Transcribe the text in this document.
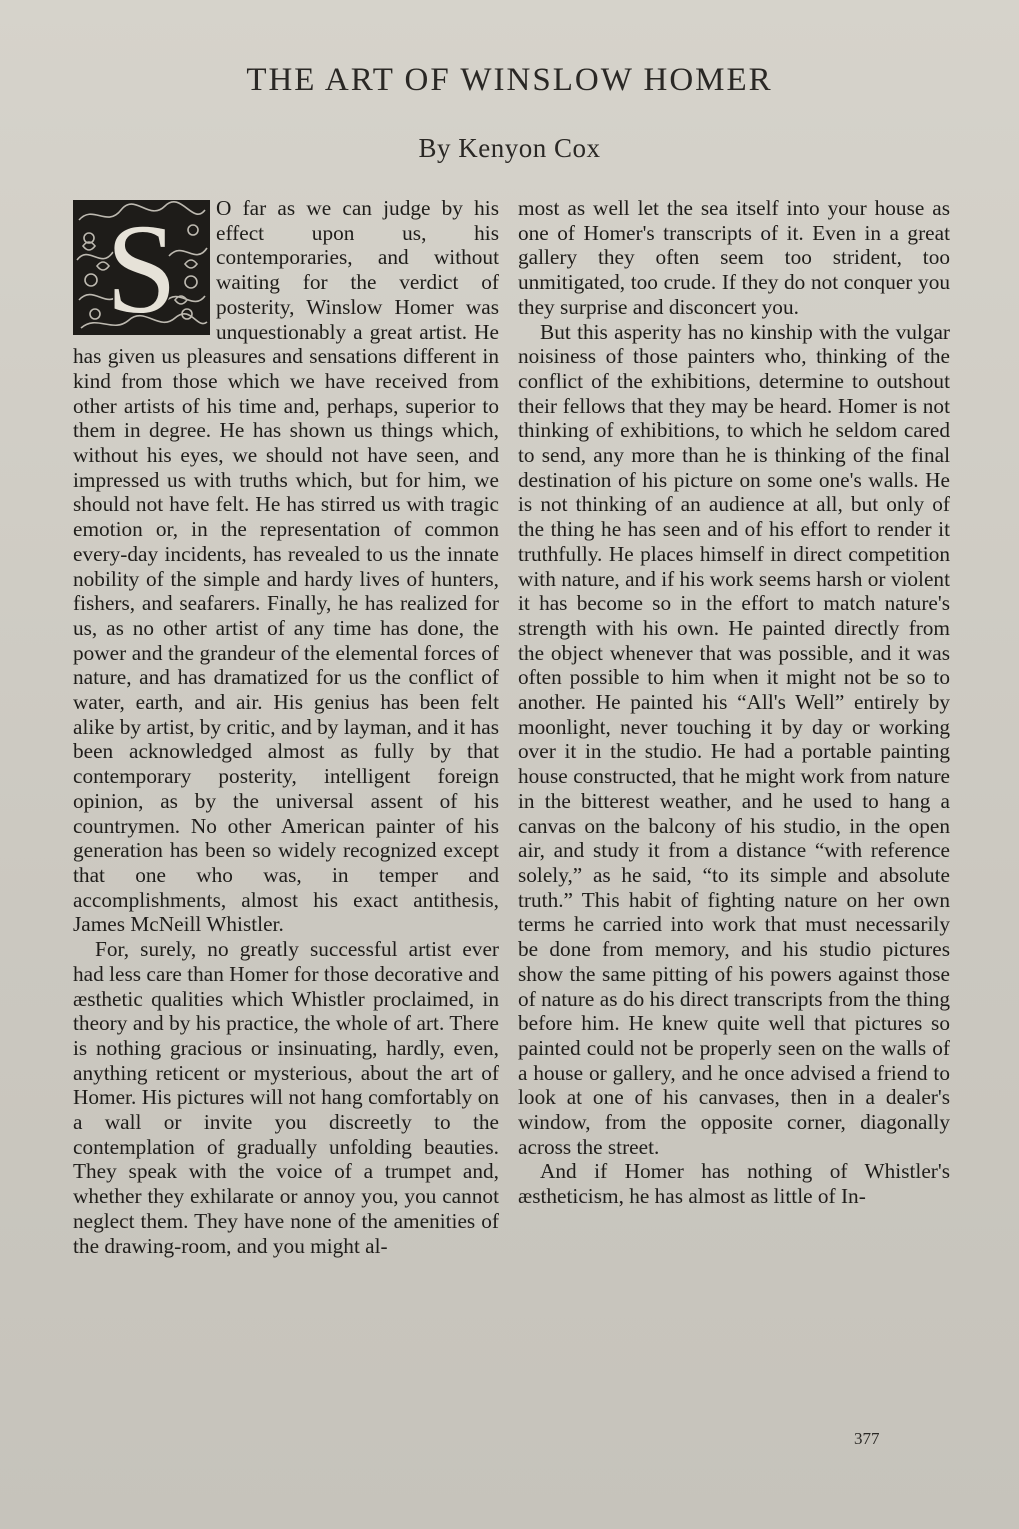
THE ART OF WINSLOW HOMER
By Kenyon Cox
S	O far as we can judge by his effect upon us, his contemporaries, and without waiting for the verdict of posterity, Winslow Homer was unquestionably a great artist. He has given us pleasures and sensations different in kind from those which we have received from other artists of his time and, perhaps, superior to them in degree. He has shown us things which, without his eyes, we should not have seen, and impressed us with truths which, but for him, we should not have felt. He has stirred us with tragic emotion or, in the representation of common every-day incidents, has revealed to us the innate nobility of the simple and hardy lives of hunters, fishers, and seafarers. Finally, he has realized for us, as no other artist of any time has done, the power and the grandeur of the elemental forces of nature, and has dramatized for us the conflict of water, earth, and air. His genius has been felt alike by artist, by critic, and by layman, and it has been acknowledged almost as fully by that contemporary posterity, intelligent foreign opinion, as by the universal assent of his countrymen. No other American painter of his generation has been so widely recognized except that one who was, in temper and accomplishments, almost his exact antithesis, James McNeill Whistler.

For, surely, no greatly successful artist ever had less care than Homer for those decorative and æsthetic qualities which Whistler proclaimed, in theory and by his practice, the whole of art. There is nothing gracious or insinuating, hardly, even, anything reticent or mysterious, about the art of Homer. His pictures will not hang comfortably on a wall or invite you discreetly to the contemplation of gradually unfolding beauties. They speak with the voice of a trumpet and, whether they exhilarate or annoy you, you cannot neglect them. They have none of the amenities of the drawing-room, and you might al-

most as well let the sea itself into your house as one of Homer's transcripts of it. Even in a great gallery they often seem too strident, too unmitigated, too crude. If they do not conquer you they surprise and disconcert you.

But this asperity has no kinship with the vulgar noisiness of those painters who, thinking of the conflict of the exhibitions, determine to outshout their fellows that they may be heard. Homer is not thinking of exhibitions, to which he seldom cared to send, any more than he is thinking of the final destination of his picture on some one's walls. He is not thinking of an audience at all, but only of the thing he has seen and of his effort to render it truthfully. He places himself in direct competition with nature, and if his work seems harsh or violent it has become so in the effort to match nature's strength with his own. He painted directly from the object whenever that was possible, and it was often possible to him when it might not be so to another. He painted his “All's Well” entirely by moonlight, never touching it by day or working over it in the studio. He had a portable painting house constructed, that he might work from nature in the bitterest weather, and he used to hang a canvas on the balcony of his studio, in the open air, and study it from a distance “with reference solely,” as he said, “to its simple and absolute truth.” This habit of fighting nature on her own terms he carried into work that must necessarily be done from memory, and his studio pictures show the same pitting of his powers against those of nature as do his direct transcripts from the thing before him. He knew quite well that pictures so painted could not be properly seen on the walls of a house or gallery, and he once advised a friend to look at one of his canvases, then in a dealer's window, from the opposite corner, diagonally across the street.

And if Homer has nothing of Whistler's æstheticism, he has almost as little of In-

377
